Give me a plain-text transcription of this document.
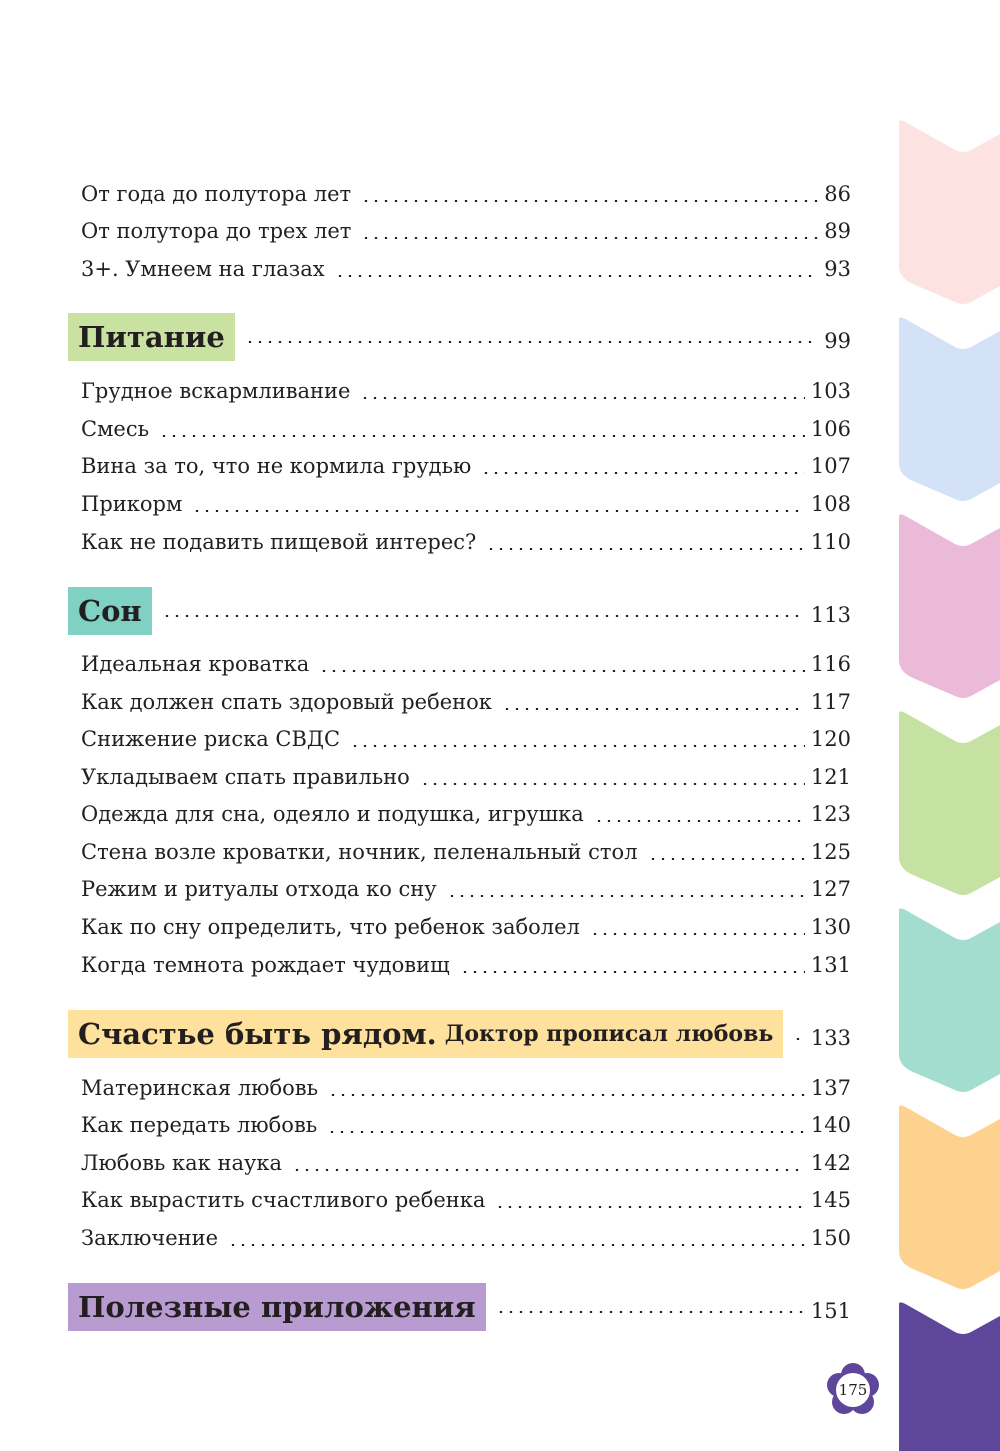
От года до полутора лет	86
От полутора до трех лет	89
3+. Умнеем на глазах	93
Питание	99
Грудное вскармливание	103
Смесь	106
Вина за то, что не кормила грудью	107
Прикорм	108
Как не подавить пищевой интерес?	110
Сон	113
Идеальная кроватка	116
Как должен спать здоровый ребенок	117
Снижение риска СВДС	120
Укладываем спать правильно	121
Одежда для сна, одеяло и подушка, игрушка	123
Стена возле кроватки, ночник, пеленальный стол	125
Режим и ритуалы отхода ко сну	127
Как по сну определить, что ребенок заболел	130
Когда темнота рождает чудовищ	131
Счастье быть рядом. Доктор прописал любовь 133
Материнская любовь	137
Как передать любовь	140
Любовь как наука	142
Как вырастить счастливого ребенка	145
Заключение	150
Полезные приложения	151
175
